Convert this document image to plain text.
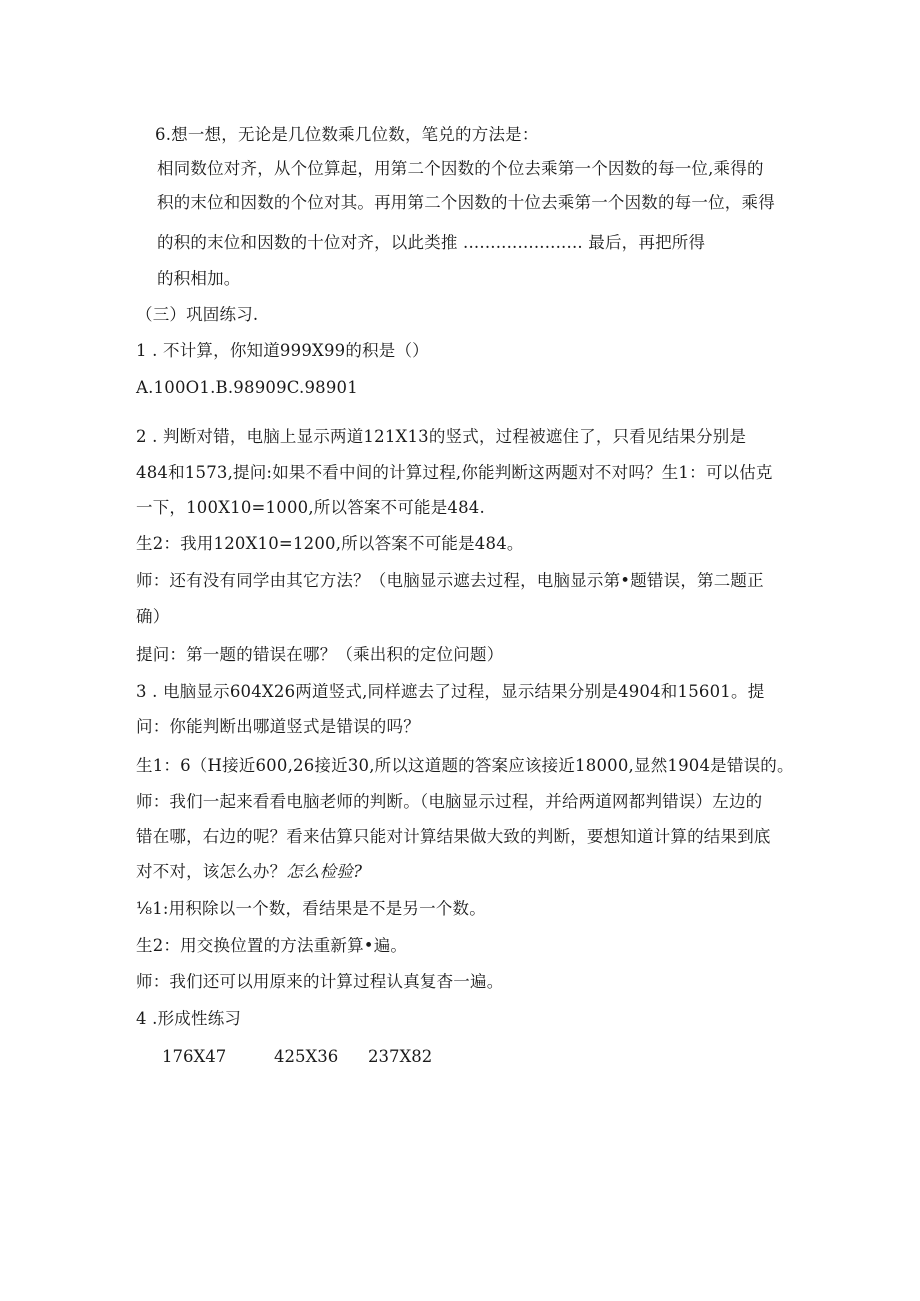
6.想一想，无论是几位数乘几位数，笔兑的方法是：
相同数位对齐，从个位算起，用第二个因数的个位去乘第一个因数的每一位,乘得的
积的末位和因数的个位对其。再用第二个因数的十位去乘第一个因数的每一位，乘得
的积的末位和因数的十位对齐，以此类推 ...................... 最后，再把所得
的积相加。
（三）巩固练习.
1 . 不计算，你知道999X99的积是（）
A.100O1.B.98909C.98901
2 . 判断对错，电脑上显示两道121X13的竖式，过程被遮住了，只看见结果分别是
484和1573,提问:如果不看中间的计算过程,你能判断这两题对不对吗？生1：可以估克
一下，100X10=1000,所以答案不可能是484.
生2：我用120X10=1200,所以答案不可能是484。
师：还有没有同学由其它方法？（电脑显示遮去过程，电脑显示第•题错误，第二题正
确）
提问：第一题的错误在哪？（乘出积的定位问题）
3 . 电脑显示604X26两道竖式,同样遮去了过程，显示结果分别是4904和15601。提
问：你能判断出哪道竖式是错误的吗？
生1：6（H接近600,26接近30,所以这道题的答案应该接近18000,显然1904是错误的。
师：我们一起来看看电脑老师的判断。（电脑显示过程，并给两道网都判错误）左边的
错在哪，右边的呢？看来估算只能对计算结果做大致的判断，要想知道计算的结果到底
对不对，该怎么办？怎么检验?
⅛1:用积除以一个数，看结果是不是另一个数。
生2：用交换位置的方法重新算•遍。
师：我们还可以用原来的计算过程认真复杳一遍。
4 .形成性练习
176X47	425X36 237X82
